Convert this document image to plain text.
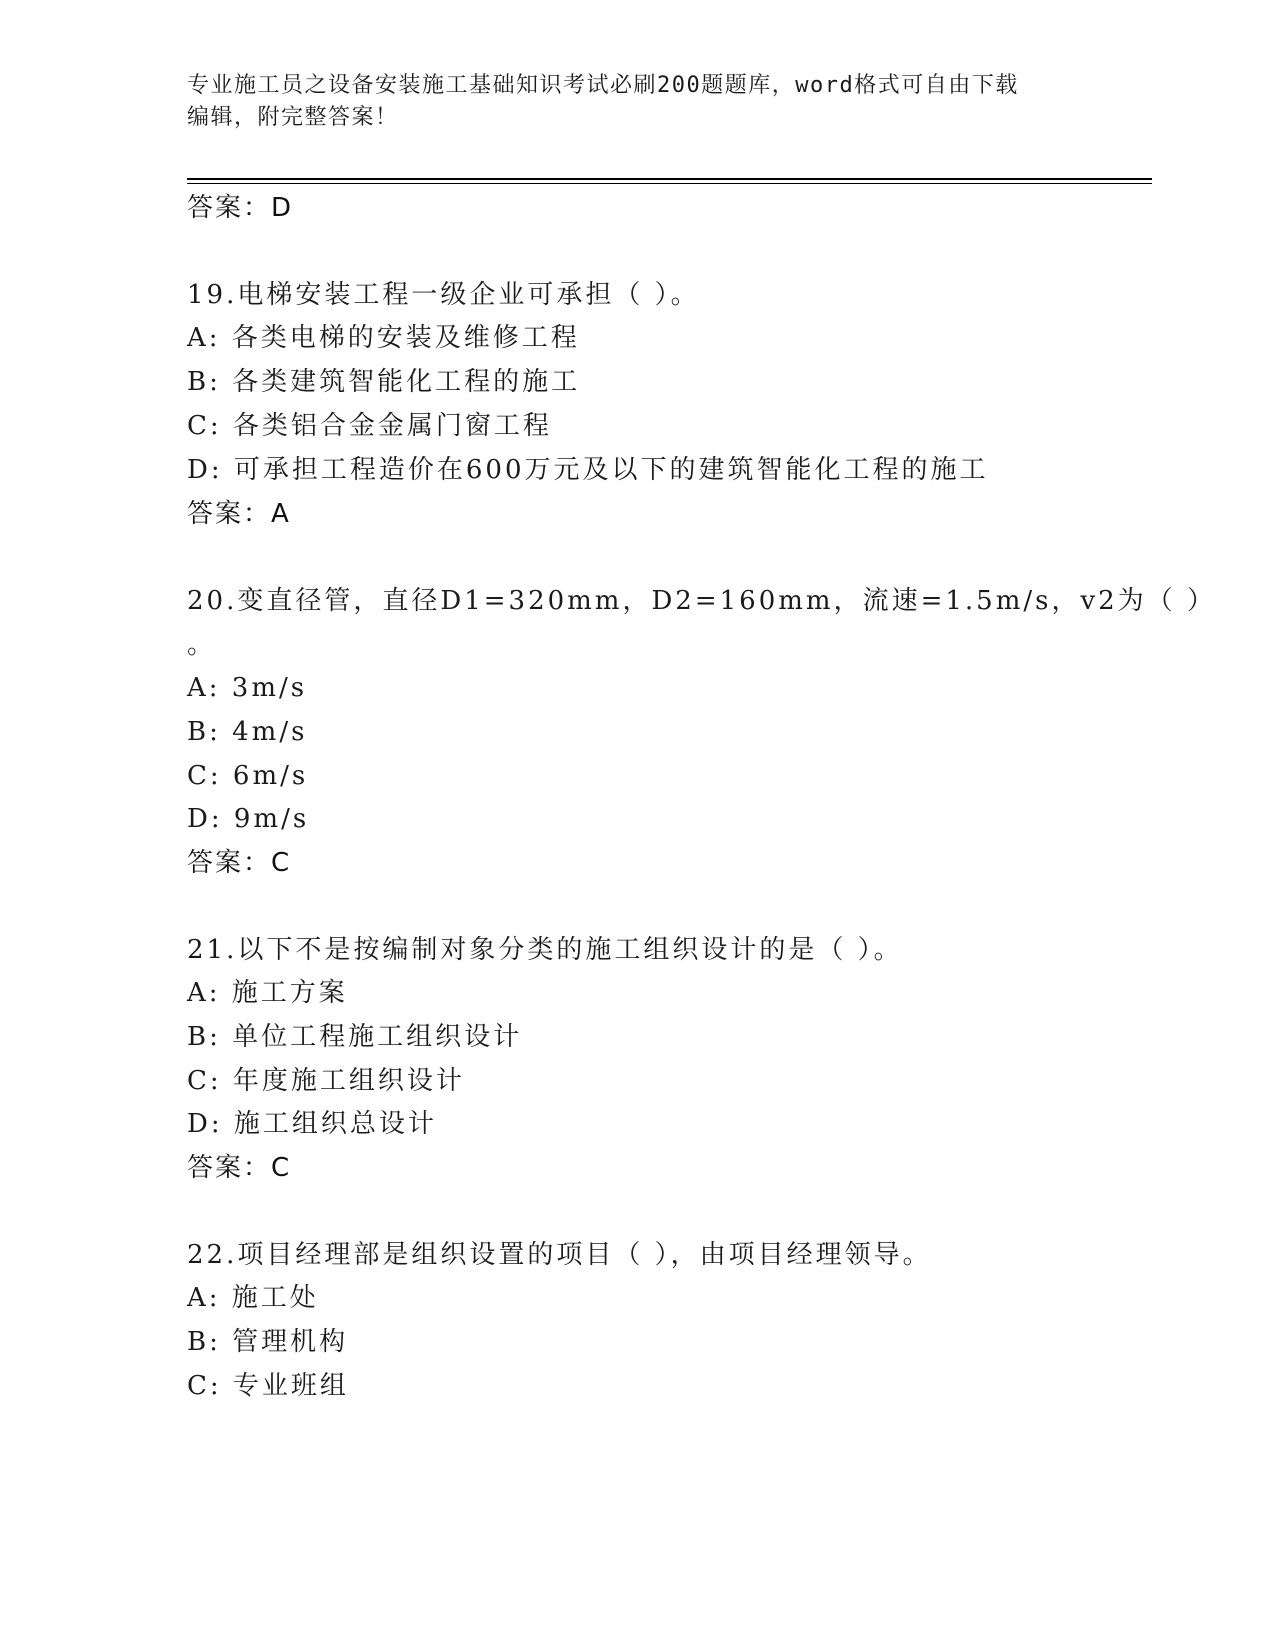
专业施工员之设备安装施工基础知识考试必刷200题题库，word格式可自由下载
编辑，附完整答案！
答案：D
19.电梯安装工程一级企业可承担（ ）。
A: 各类电梯的安装及维修工程
B: 各类建筑智能化工程的施工
C: 各类铝合金金属门窗工程
D: 可承担工程造价在600万元及以下的建筑智能化工程的施工
答案：A
20.变直径管，直径D1=320mm，D2=160mm，流速=1.5m/s，v2为（ ）
。
A: 3m/s
B: 4m/s
C: 6m/s
D: 9m/s
答案：C
21.以下不是按编制对象分类的施工组织设计的是（ ）。
A: 施工方案
B: 单位工程施工组织设计
C: 年度施工组织设计
D: 施工组织总设计
答案：C
22.项目经理部是组织设置的项目（ ），由项目经理领导。
A: 施工处
B: 管理机构
C: 专业班组
